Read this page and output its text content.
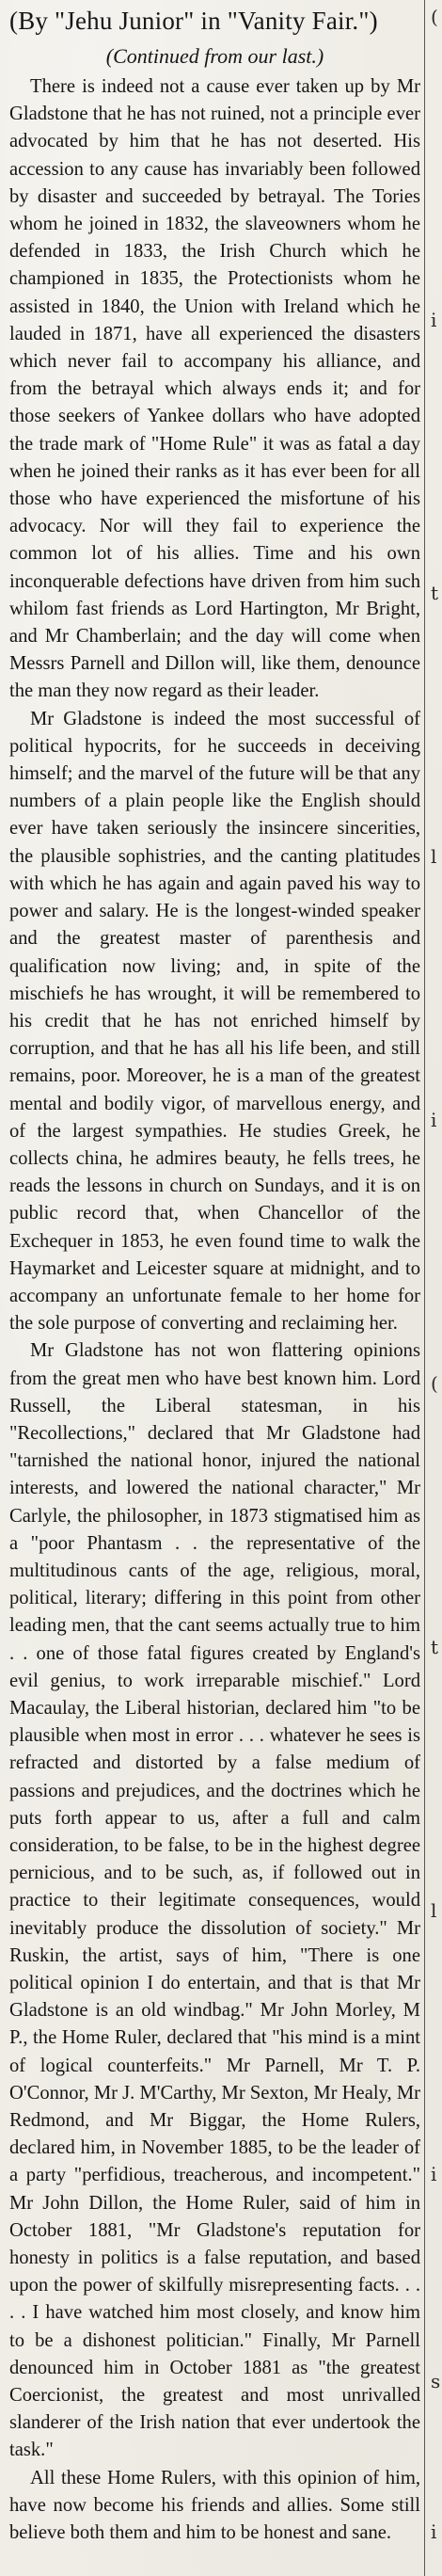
(By "Jehu Junior" in "Vanity Fair.")
(Continued from our last.)

There is indeed not a cause ever taken up by Mr Gladstone that he has not ruined, not a principle ever advocated by him that he has not deserted. His accession to any cause has invariably been followed by disaster and succeeded by betrayal. The Tories whom he joined in 1832, the slaveowners whom he defended in 1833, the Irish Church which he championed in 1835, the Protectionists whom he assisted in 1840, the Union with Ireland which he lauded in 1871, have all experienced the disasters which never fail to accompany his alliance, and from the betrayal which always ends it; and for those seekers of Yankee dollars who have adopted the trade mark of "Home Rule" it was as fatal a day when he joined their ranks as it has ever been for all those who have experienced the misfortune of his advocacy. Nor will they fail to experience the common lot of his allies. Time and his own inconquerable defections have driven from him such whilom fast friends as Lord Hartington, Mr Bright, and Mr Chamberlain; and the day will come when Messrs Parnell and Dillon will, like them, denounce the man they now regard as their leader.

Mr Gladstone is indeed the most successful of political hypocrits, for he succeeds in deceiving himself; and the marvel of the future will be that any numbers of a plain people like the English should ever have taken seriously the insincere sincerities, the plausible sophistries, and the canting platitudes with which he has again and again paved his way to power and salary. He is the longest-winded speaker and the greatest master of parenthesis and qualification now living; and, in spite of the mischiefs he has wrought, it will be remembered to his credit that he has not enriched himself by corruption, and that he has all his life been, and still remains, poor. Moreover, he is a man of the greatest mental and bodily vigor, of marvellous energy, and of the largest sympathies. He studies Greek, he collects china, he admires beauty, he fells trees, he reads the lessons in church on Sundays, and it is on public record that, when Chancellor of the Exchequer in 1853, he even found time to walk the Haymarket and Leicester square at midnight, and to accompany an unfortunate female to her home for the sole purpose of converting and reclaiming her.

Mr Gladstone has not won flattering opinions from the great men who have best known him. Lord Russell, the Liberal statesman, in his "Recollections," declared that Mr Gladstone had "tarnished the national honor, injured the national interests, and lowered the national character," Mr Carlyle, the philosopher, in 1873 stigmatised him as a "poor Phantasm . . the representative of the multitudinous cants of the age, religious, moral, political, literary; differing in this point from other leading men, that the cant seems actually true to him . . one of those fatal figures created by England's evil genius, to work irreparable mischief." Lord Macaulay, the Liberal historian, declared him "to be plausible when most in error . . . whatever he sees is refracted and distorted by a false medium of passions and prejudices, and the doctrines which he puts forth appear to us, after a full and calm consideration, to be false, to be in the highest degree pernicious, and to be such, as, if followed out in practice to their legitimate consequences, would inevitably produce the dissolution of society." Mr Ruskin, the artist, says of him, "There is one political opinion I do entertain, and that is that Mr Gladstone is an old windbag." Mr John Morley, M P., the Home Ruler, declared that "his mind is a mint of logical counterfeits." Mr Parnell, Mr T. P. O'Connor, Mr J. M'Carthy, Mr Sexton, Mr Healy, Mr Redmond, and Mr Biggar, the Home Rulers, declared him, in November 1885, to be the leader of a party "perfidious, treacherous, and incompetent." Mr John Dillon, the Home Ruler, said of him in October 1881, "Mr Gladstone's reputation for honesty in politics is a false reputation, and based upon the power of skilfully misrepresenting facts. . . . . I have watched him most closely, and know him to be a dishonest politician." Finally, Mr Parnell denounced him in October 1881 as "the greatest Coercionist, the greatest and most unrivalled slanderer of the Irish nation that ever undertook the task."

All these Home Rulers, with this opinion of him, have now become his friends and allies. Some still believe both them and him to be honest and sane.

(
i
t
l
i
(
t
l
i
s
i
